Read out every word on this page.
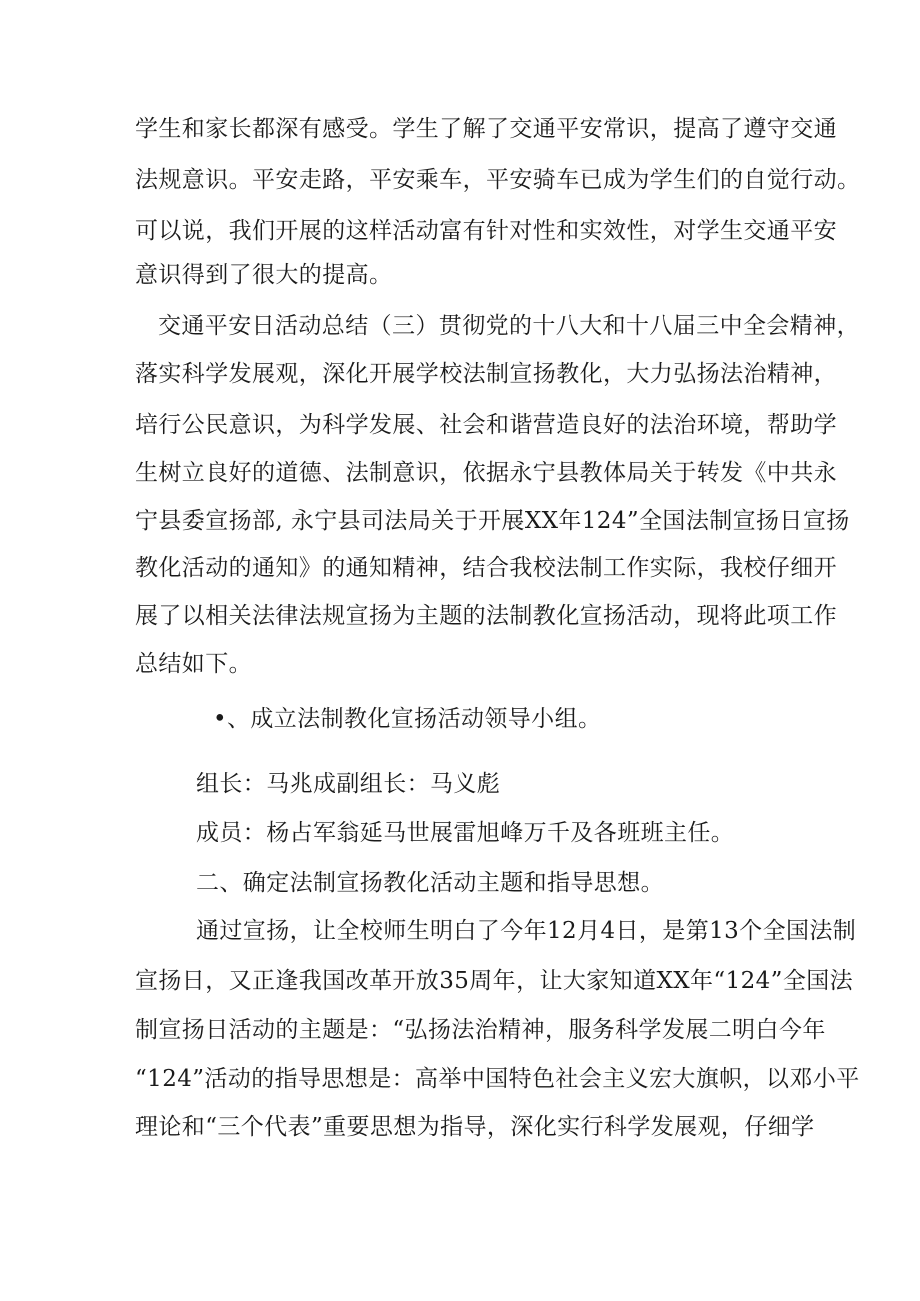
学生和家长都深有感受。学生了解了交通平安常识，提高了遵守交通
法规意识。平安走路，平安乘车，平安骑车已成为学生们的自觉行动。
可以说，我们开展的这样活动富有针对性和实效性，对学生交通平安
意识得到了很大的提高。
交通平安日活动总结（三）贯彻党的十八大和十八届三中全会精神，
落实科学发展观，深化开展学校法制宣扬教化，大力弘扬法治精神，
培行公民意识，为科学发展、社会和谐营造良好的法治环境，帮助学
生树立良好的道德、法制意识，依据永宁县教体局关于转发《中共永
宁县委宣扬部, 永宁县司法局关于开展XX年124”全国法制宣扬日宣扬
教化活动的通知》的通知精神，结合我校法制工作实际，我校仔细开
展了以相关法律法规宣扬为主题的法制教化宣扬活动，现将此项工作
总结如下。
•、成立法制教化宣扬活动领导小组。
组长：马兆成副组长：马义彪
成员：杨占军翁延马世展雷旭峰万千及各班班主任。
二、确定法制宣扬教化活动主题和指导思想。
通过宣扬，让全校师生明白了今年12月4日，是第13个全国法制
宣扬日，又正逢我国改革开放35周年，让大家知道XX年“124”全国法
制宣扬日活动的主题是：“弘扬法治精神，服务科学发展二明白今年
“124”活动的指导思想是：高举中国特色社会主义宏大旗帜，以邓小平
理论和“三个代表”重要思想为指导，深化实行科学发展观，仔细学
